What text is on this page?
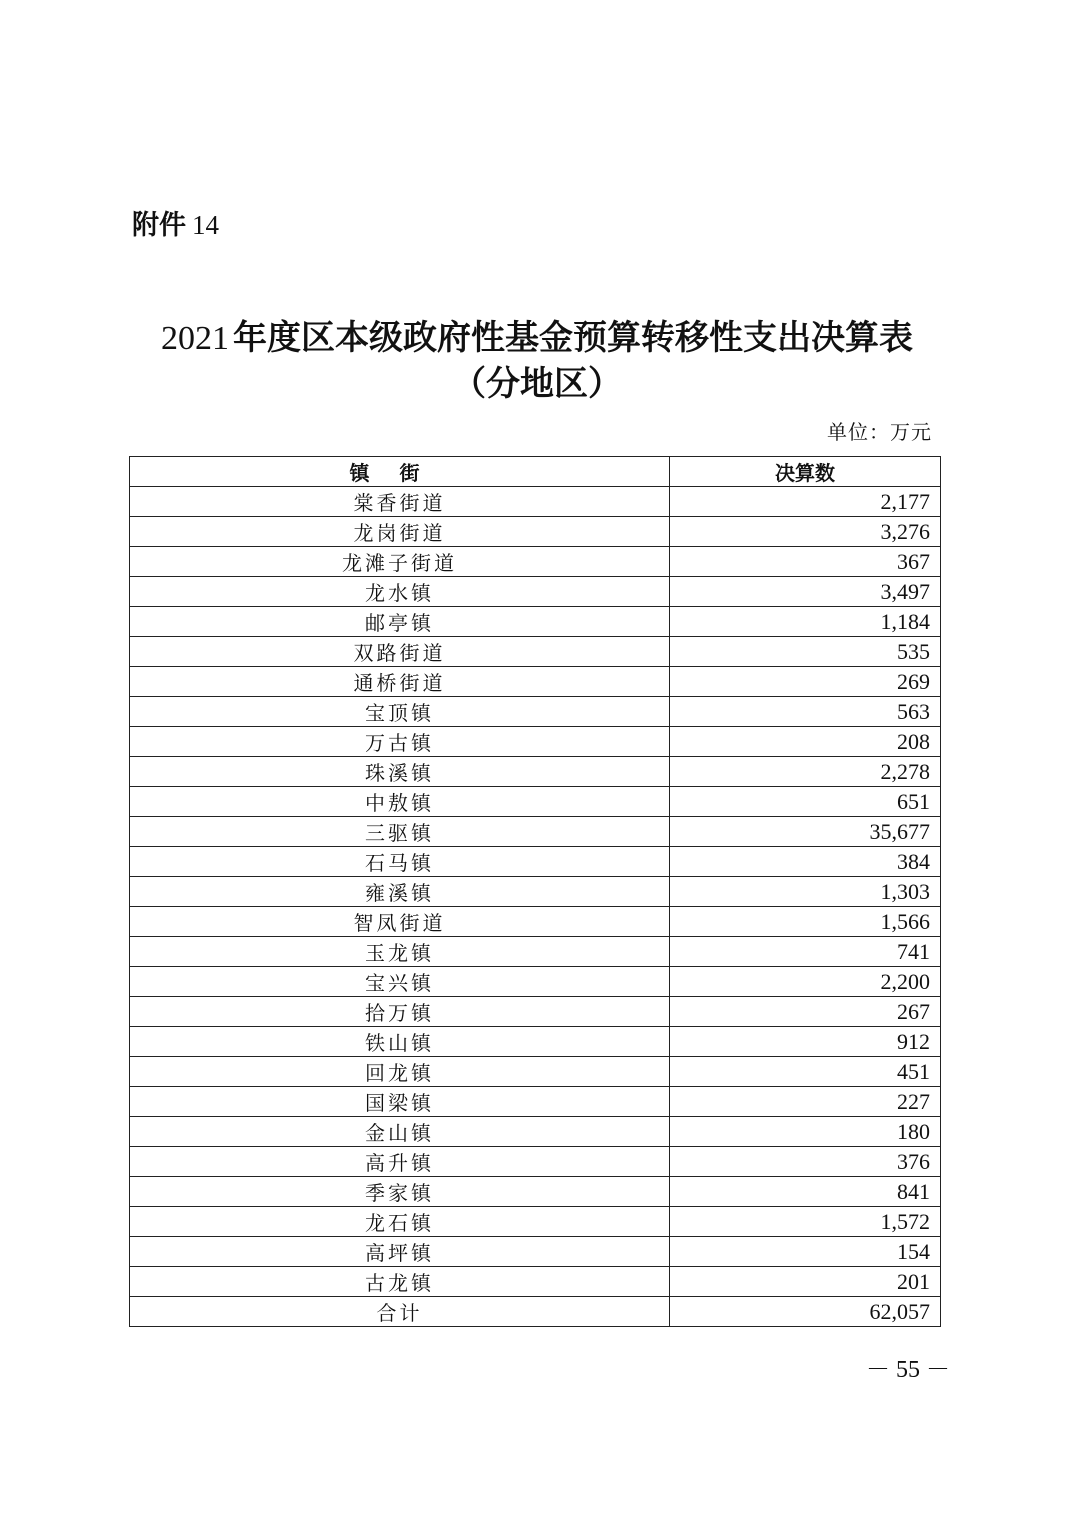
附件 14
2021 年度区本级政府性基金预算转移性支出决算表
（分地区）
单位：万元
镇街	决算数
棠香街道	2,177
龙岗街道	3,276
龙滩子街道	367
龙水镇	3,497
邮亭镇	1,184
双路街道	535
通桥街道	269
宝顶镇	563
万古镇	208
珠溪镇	2,278
中敖镇	651
三驱镇	35,677
石马镇	384
雍溪镇	1,303
智凤街道	1,566
玉龙镇	741
宝兴镇	2,200
拾万镇	267
铁山镇	912
回龙镇	451
国梁镇	227
金山镇	180
高升镇	376
季家镇	841
龙石镇	1,572
高坪镇	154
古龙镇	201
合计	62,057
－ 55 －
